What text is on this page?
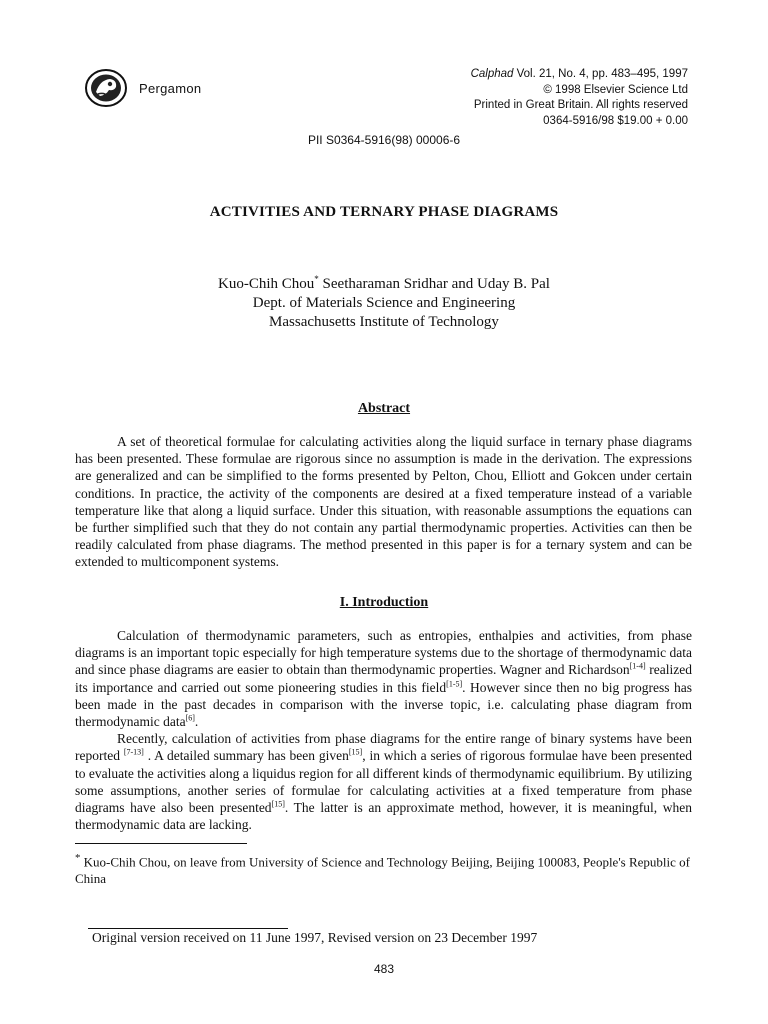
Pergamon
Calphad Vol. 21, No. 4, pp. 483–495, 1997
© 1998 Elsevier Science Ltd
Printed in Great Britain. All rights reserved
0364-5916/98 $19.00 + 0.00
PII S0364-5916(98) 00006-6
ACTIVITIES AND TERNARY PHASE DIAGRAMS
Kuo-Chih Chou* Seetharaman Sridhar and Uday B. Pal
Dept. of Materials Science and Engineering
Massachusetts Institute of Technology
Abstract

A set of theoretical formulae for calculating activities along the liquid surface in ternary phase diagrams has been presented. These formulae are rigorous since no assumption is made in the derivation. The expressions are generalized and can be simplified to the forms presented by Pelton, Chou, Elliott and Gokcen under certain conditions. In practice, the activity of the components are desired at a fixed temperature instead of a variable temperature like that along a liquid surface. Under this situation, with reasonable assumptions the equations can be further simplified such that they do not contain any partial thermodynamic properties. Activities can then be readily calculated from phase diagrams. The method presented in this paper is for a ternary system and can be extended to multicomponent systems.

I. Introduction

Calculation of thermodynamic parameters, such as entropies, enthalpies and activities, from phase diagrams is an important topic especially for high temperature systems due to the shortage of thermodynamic data and since phase diagrams are easier to obtain than thermodynamic properties. Wagner and Richardson[1-4] realized its importance and carried out some pioneering studies in this field[1-5]. However since then no big progress has been made in the past decades in comparison with the inverse topic, i.e. calculating phase diagram from thermodynamic data[6].

Recently, calculation of activities from phase diagrams for the entire range of binary systems have been reported [7-13] . A detailed summary has been given[15], in which a series of rigorous formulae have been presented to evaluate the activities along a liquidus region for all different kinds of thermodynamic equilibrium. By utilizing some assumptions, another series of formulae for calculating activities at a fixed temperature from phase diagrams have also been presented[15]. The latter is an approximate method, however, it is meaningful, when thermodynamic data are lacking.

* Kuo-Chih Chou, on leave from University of Science and Technology Beijing, Beijing 100083, People's Republic of China
Original version received on 11 June 1997, Revised version on 23 December 1997
483
